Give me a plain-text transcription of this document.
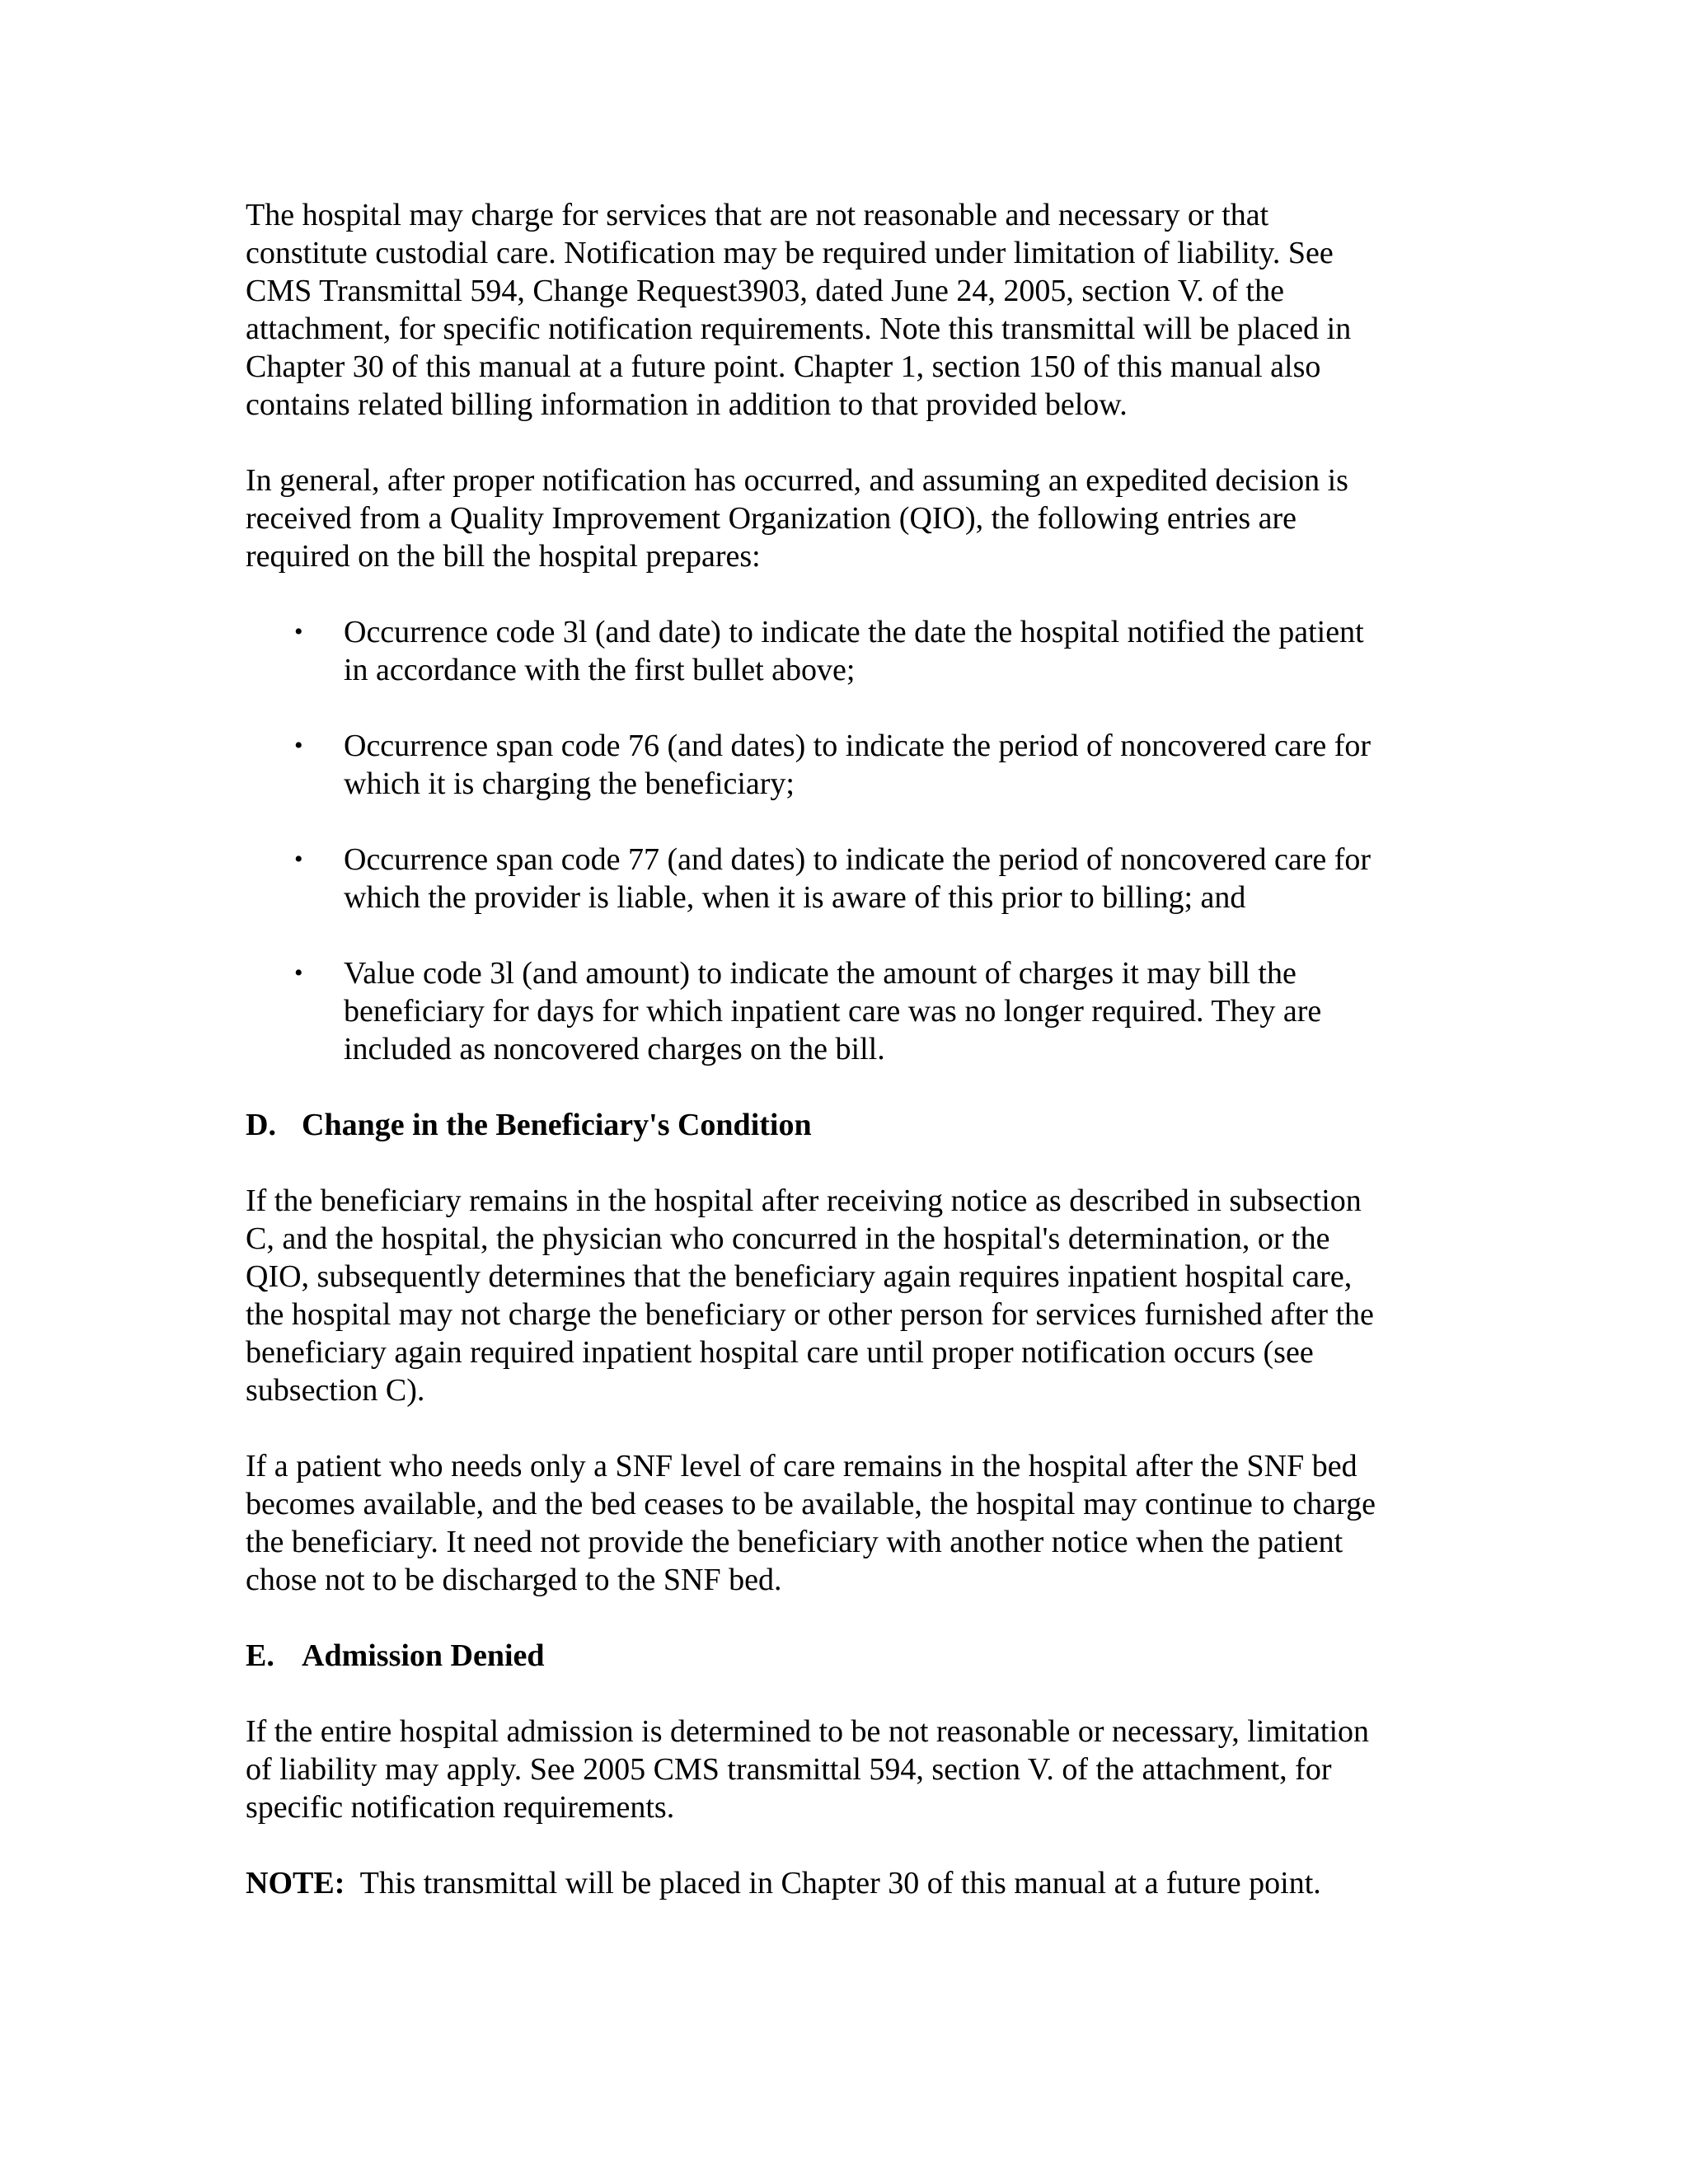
The hospital may charge for services that are not reasonable and necessary or that
constitute custodial care. Notification may be required under limitation of liability. See
CMS Transmittal 594, Change Request3903, dated June 24, 2005, section V. of the
attachment, for specific notification requirements. Note this transmittal will be placed in
Chapter 30 of this manual at a future point. Chapter 1, section 150 of this manual also
contains related billing information in addition to that provided below.

In general, after proper notification has occurred, and assuming an expedited decision is
received from a Quality Improvement Organization (QIO), the following entries are
required on the bill the hospital prepares:

•	Occurrence code 3l (and date) to indicate the date the hospital notified the patient
in accordance with the first bullet above;
•	Occurrence span code 76 (and dates) to indicate the period of noncovered care for
which it is charging the beneficiary;
•	Occurrence span code 77 (and dates) to indicate the period of noncovered care for
which the provider is liable, when it is aware of this prior to billing; and
•	Value code 3l (and amount) to indicate the amount of charges it may bill the
beneficiary for days for which inpatient care was no longer required. They are
included as noncovered charges on the bill.
D. Change in the Beneficiary's Condition

If the beneficiary remains in the hospital after receiving notice as described in subsection
C, and the hospital, the physician who concurred in the hospital's determination, or the
QIO, subsequently determines that the beneficiary again requires inpatient hospital care,
the hospital may not charge the beneficiary or other person for services furnished after the
beneficiary again required inpatient hospital care until proper notification occurs (see
subsection C).

If a patient who needs only a SNF level of care remains in the hospital after the SNF bed
becomes available, and the bed ceases to be available, the hospital may continue to charge
the beneficiary. It need not provide the beneficiary with another notice when the patient
chose not to be discharged to the SNF bed.

E. Admission Denied

If the entire hospital admission is determined to be not reasonable or necessary, limitation
of liability may apply. See 2005 CMS transmittal 594, section V. of the attachment, for
specific notification requirements.

NOTE:  This transmittal will be placed in Chapter 30 of this manual at a future point.
